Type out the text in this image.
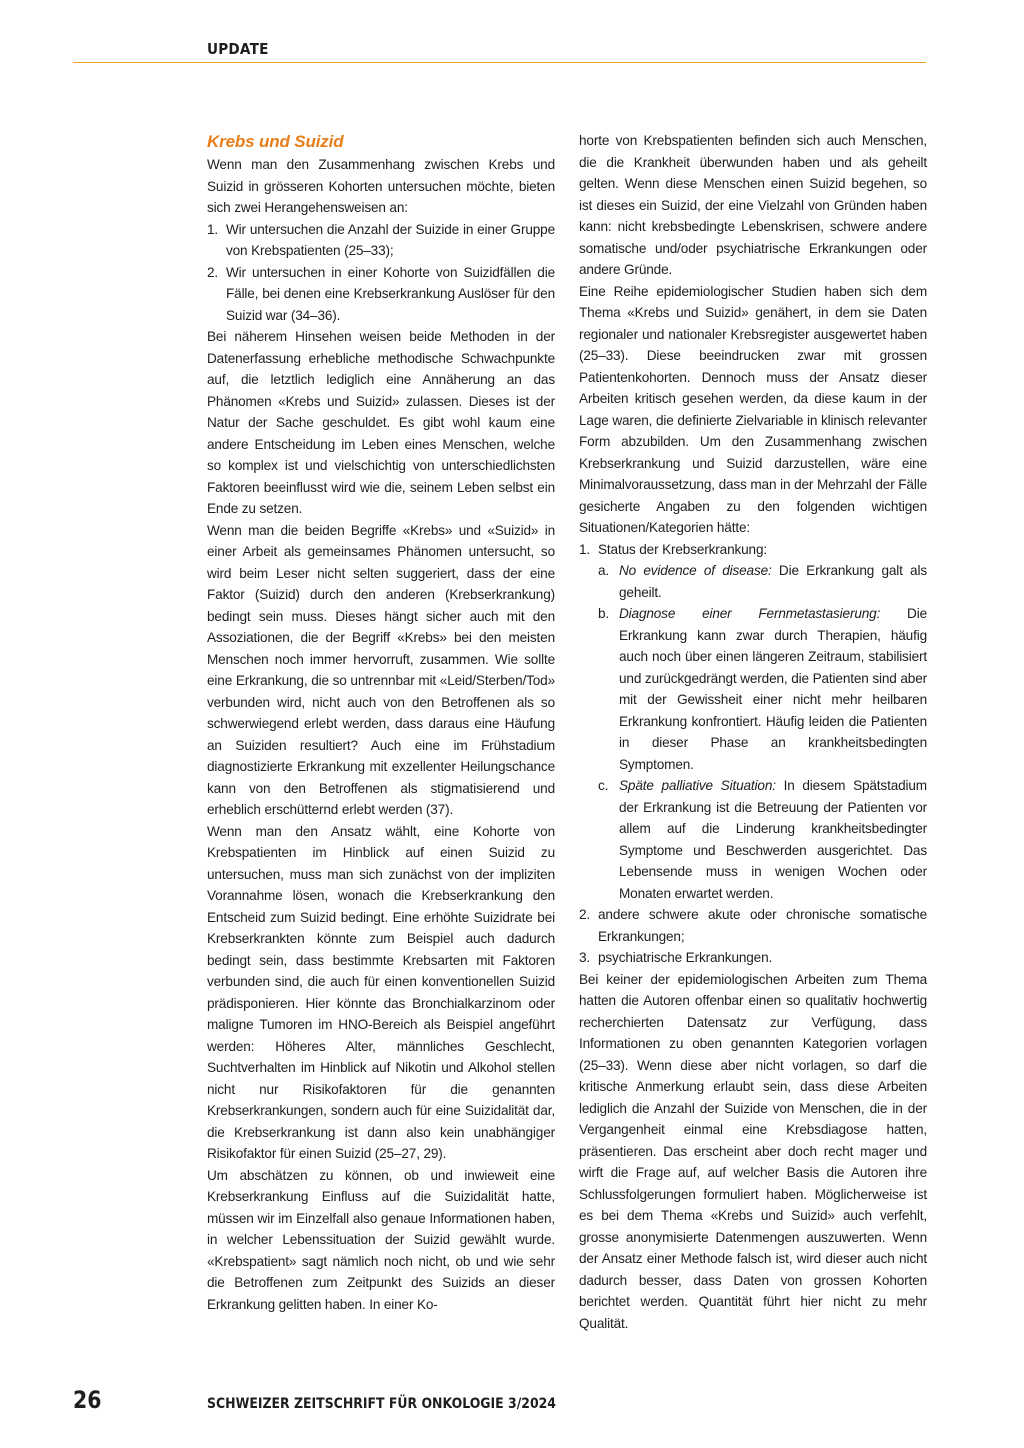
UPDATE
Krebs und Suizid

Wenn man den Zusammenhang zwischen Krebs und Suizid in grösseren Kohorten untersuchen möchte, bieten sich zwei Herangehensweisen an:

1. Wir untersuchen die Anzahl der Suizide in einer Gruppe von Krebspatienten (25–33);
2. Wir untersuchen in einer Kohorte von Suizidfällen die Fälle, bei denen eine Krebserkrankung Auslöser für den Suizid war (34–36).

Bei näherem Hinsehen weisen beide Methoden in der Datenerfassung erhebliche methodische Schwachpunkte auf, die letztlich lediglich eine Annäherung an das Phänomen «Krebs und Suizid» zulassen. Dieses ist der Natur der Sache geschuldet. Es gibt wohl kaum eine andere Entscheidung im Leben eines Menschen, welche so komplex ist und vielschichtig von unterschiedlichsten Faktoren beeinflusst wird wie die, seinem Leben selbst ein Ende zu setzen.

Wenn man die beiden Begriffe «Krebs» und «Suizid» in einer Arbeit als gemeinsames Phänomen untersucht, so wird beim Leser nicht selten suggeriert, dass der eine Faktor (Suizid) durch den anderen (Krebserkrankung) bedingt sein muss. Dieses hängt sicher auch mit den Assoziationen, die der Begriff «Krebs» bei den meisten Menschen noch immer hervorruft, zusammen. Wie sollte eine Erkrankung, die so untrennbar mit «Leid/Sterben/Tod» verbunden wird, nicht auch von den Betroffenen als so schwerwiegend erlebt werden, dass daraus eine Häufung an Suiziden resultiert? Auch eine im Frühstadium diagnostizierte Erkrankung mit exzellenter Heilungschance kann von den Betroffenen als stigmatisierend und erheblich erschütternd erlebt werden (37).

Wenn man den Ansatz wählt, eine Kohorte von Krebspatienten im Hinblick auf einen Suizid zu untersuchen, muss man sich zunächst von der impliziten Vorannahme lösen, wonach die Krebserkrankung den Entscheid zum Suizid bedingt. Eine erhöhte Suizidrate bei Krebserkrankten könnte zum Beispiel auch dadurch bedingt sein, dass bestimmte Krebsarten mit Faktoren verbunden sind, die auch für einen konventionellen Suizid prädisponieren. Hier könnte das Bronchialkarzinom oder maligne Tumoren im HNO-Bereich als Beispiel angeführt werden: Höheres Alter, männliches Geschlecht, Suchtverhalten im Hinblick auf Nikotin und Alkohol stellen nicht nur Risikofaktoren für die genannten Krebserkrankungen, sondern auch für eine Suizidalität dar, die Krebserkrankung ist dann also kein unabhängiger Risikofaktor für einen Suizid (25–27, 29).

Um abschätzen zu können, ob und inwieweit eine Krebserkrankung Einfluss auf die Suizidalität hatte, müssen wir im Einzelfall also genaue Informationen haben, in welcher Lebenssituation der Suizid gewählt wurde. «Krebspatient» sagt nämlich noch nicht, ob und wie sehr die Betroffenen zum Zeitpunkt des Suizids an dieser Erkrankung gelitten haben. In einer Ko-

horte von Krebspatienten befinden sich auch Menschen, die die Krankheit überwunden haben und als geheilt gelten. Wenn diese Menschen einen Suizid begehen, so ist dieses ein Suizid, der eine Vielzahl von Gründen haben kann: nicht krebsbedingte Lebenskrisen, schwere andere somatische und/oder psychiatrische Erkrankungen oder andere Gründe.

Eine Reihe epidemiologischer Studien haben sich dem Thema «Krebs und Suizid» genähert, in dem sie Daten regionaler und nationaler Krebsregister ausgewertet haben (25–33). Diese beeindrucken zwar mit grossen Patientenkohorten. Dennoch muss der Ansatz dieser Arbeiten kritisch gesehen werden, da diese kaum in der Lage waren, die definierte Zielvariable in klinisch relevanter Form abzubilden. Um den Zusammenhang zwischen Krebserkrankung und Suizid darzustellen, wäre eine Minimalvoraussetzung, dass man in der Mehrzahl der Fälle gesicherte Angaben zu den folgenden wichtigen Situationen/Kategorien hätte:

1. Status der Krebserkrankung:
a. No evidence of disease: Die Erkrankung galt als geheilt.
b. Diagnose einer Fernmetastasierung: Die Erkrankung kann zwar durch Therapien, häufig auch noch über einen längeren Zeitraum, stabilisiert und zurückgedrängt werden, die Patienten sind aber mit der Gewissheit einer nicht mehr heilbaren Erkrankung konfrontiert. Häufig leiden die Patienten in dieser Phase an krankheitsbedingten Symptomen.
c. Späte palliative Situation: In diesem Spätstadium der Erkrankung ist die Betreuung der Patienten vor allem auf die Linderung krankheitsbedingter Symptome und Beschwerden ausgerichtet. Das Lebensende muss in wenigen Wochen oder Monaten erwartet werden.
2. andere schwere akute oder chronische somatische Erkrankungen;
3. psychiatrische Erkrankungen.

Bei keiner der epidemiologischen Arbeiten zum Thema hatten die Autoren offenbar einen so qualitativ hochwertig recherchierten Datensatz zur Verfügung, dass Informationen zu oben genannten Kategorien vorlagen (25–33). Wenn diese aber nicht vorlagen, so darf die kritische Anmerkung erlaubt sein, dass diese Arbeiten lediglich die Anzahl der Suizide von Menschen, die in der Vergangenheit einmal eine Krebsdiagose hatten, präsentieren. Das erscheint aber doch recht mager und wirft die Frage auf, auf welcher Basis die Autoren ihre Schlussfolgerungen formuliert haben. Möglicherweise ist es bei dem Thema «Krebs und Suizid» auch verfehlt, grosse anonymisierte Datenmengen auszuwerten. Wenn der Ansatz einer Methode falsch ist, wird dieser auch nicht dadurch besser, dass Daten von grossen Kohorten berichtet werden. Quantität führt hier nicht zu mehr Qualität.

26	SCHWEIZER ZEITSCHRIFT FÜR ONKOLOGIE 3/2024
